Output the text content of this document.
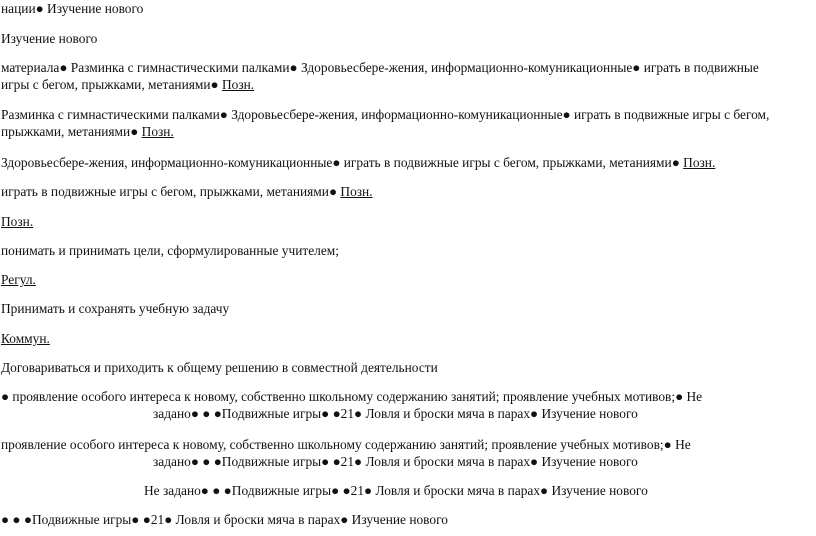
нации● Изучение нового
Изучение нового
материала● Разминка с гимнастическими палками● Здоровьесбере-жения, информационно-комуникационные● играть в подвижные
игры с бегом, прыжками, метаниями● Позн.
Разминка с гимнастическими палками● Здоровьесбере-жения, информационно-комуникационные● играть в подвижные игры с бегом,
прыжками, метаниями● Позн.
Здоровьесбере-жения, информационно-комуникационные● играть в подвижные игры с бегом, прыжками, метаниями● Позн.
играть в подвижные игры с бегом, прыжками, метаниями● Позн.
Позн.
понимать и принимать цели, сформулированные учителем;
Регул.
Принимать и сохранять учебную задачу
Коммун.
Договариваться и приходить к общему решению в совместной деятельности
● проявление особого интереса к новому, собственно школьному содержанию занятий; проявление учебных мотивов;● Не
задано● ● ●Подвижные игры● ●21● Ловля и броски мяча в парах● Изучение нового
проявление особого интереса к новому, собственно школьному содержанию занятий; проявление учебных мотивов;● Не
задано● ● ●Подвижные игры● ●21● Ловля и броски мяча в парах● Изучение нового
Не задано● ● ●Подвижные игры● ●21● Ловля и броски мяча в парах● Изучение нового
● ● ●Подвижные игры● ●21● Ловля и броски мяча в парах● Изучение нового
